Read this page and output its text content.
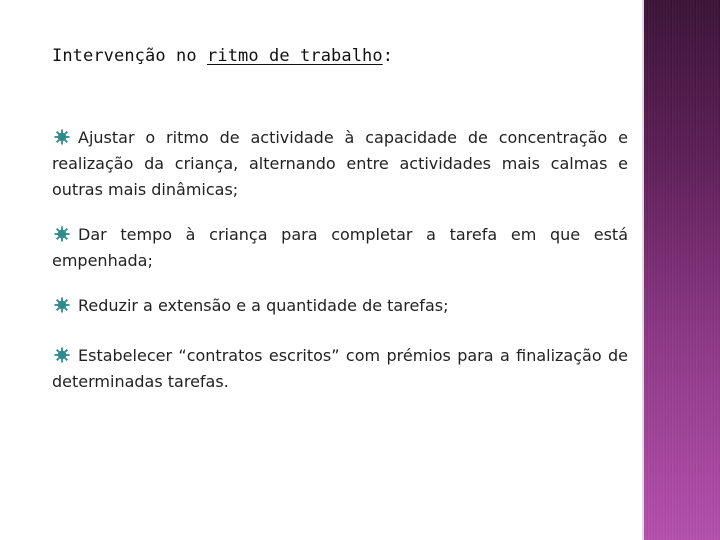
Intervenção no ritmo de trabalho:

Ajustar o ritmo de actividade à capacidade de concentração e realização da criança, alternando entre actividades mais calmas e outras mais dinâmicas;

Dar tempo à criança para completar a tarefa em que está empenhada;

Reduzir a extensão e a quantidade de tarefas;

Estabelecer “contratos escritos” com prémios para a finalização de determinadas tarefas.
